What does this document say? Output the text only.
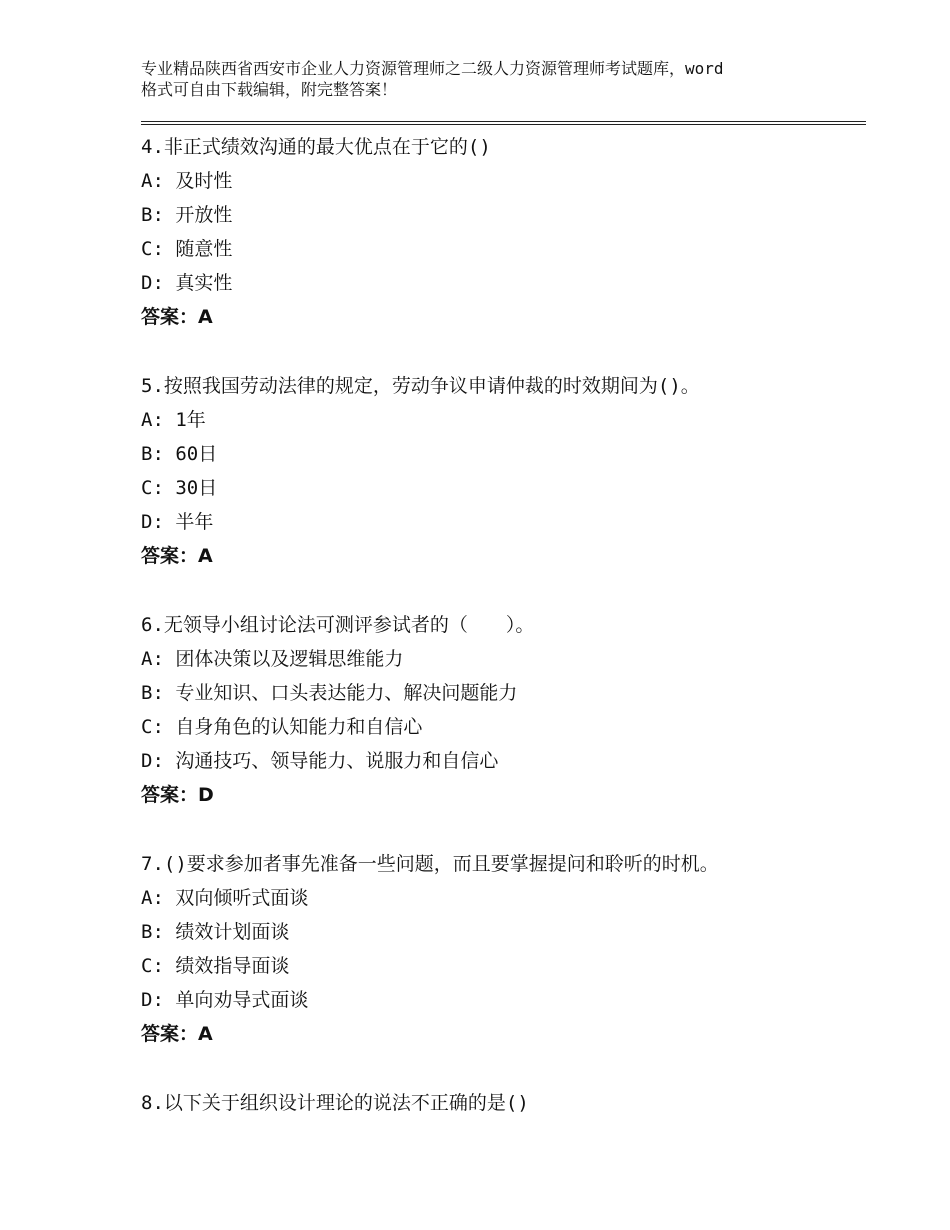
专业精品陕西省西安市企业人力资源管理师之二级人力资源管理师考试题库，word
格式可自由下载编辑，附完整答案！
4.非正式绩效沟通的最大优点在于它的()
A: 及时性
B: 开放性
C: 随意性
D: 真实性
答案：A
5.按照我国劳动法律的规定，劳动争议申请仲裁的时效期间为()。
A: 1年
B: 60日
C: 30日
D: 半年
答案：A
6.无领导小组讨论法可测评参试者的（　　）。
A: 团体决策以及逻辑思维能力
B: 专业知识、口头表达能力、解决问题能力
C: 自身角色的认知能力和自信心
D: 沟通技巧、领导能力、说服力和自信心
答案：D
7.()要求参加者事先准备一些问题，而且要掌握提问和聆听的时机。
A: 双向倾听式面谈
B: 绩效计划面谈
C: 绩效指导面谈
D: 单向劝导式面谈
答案：A
8.以下关于组织设计理论的说法不正确的是()
